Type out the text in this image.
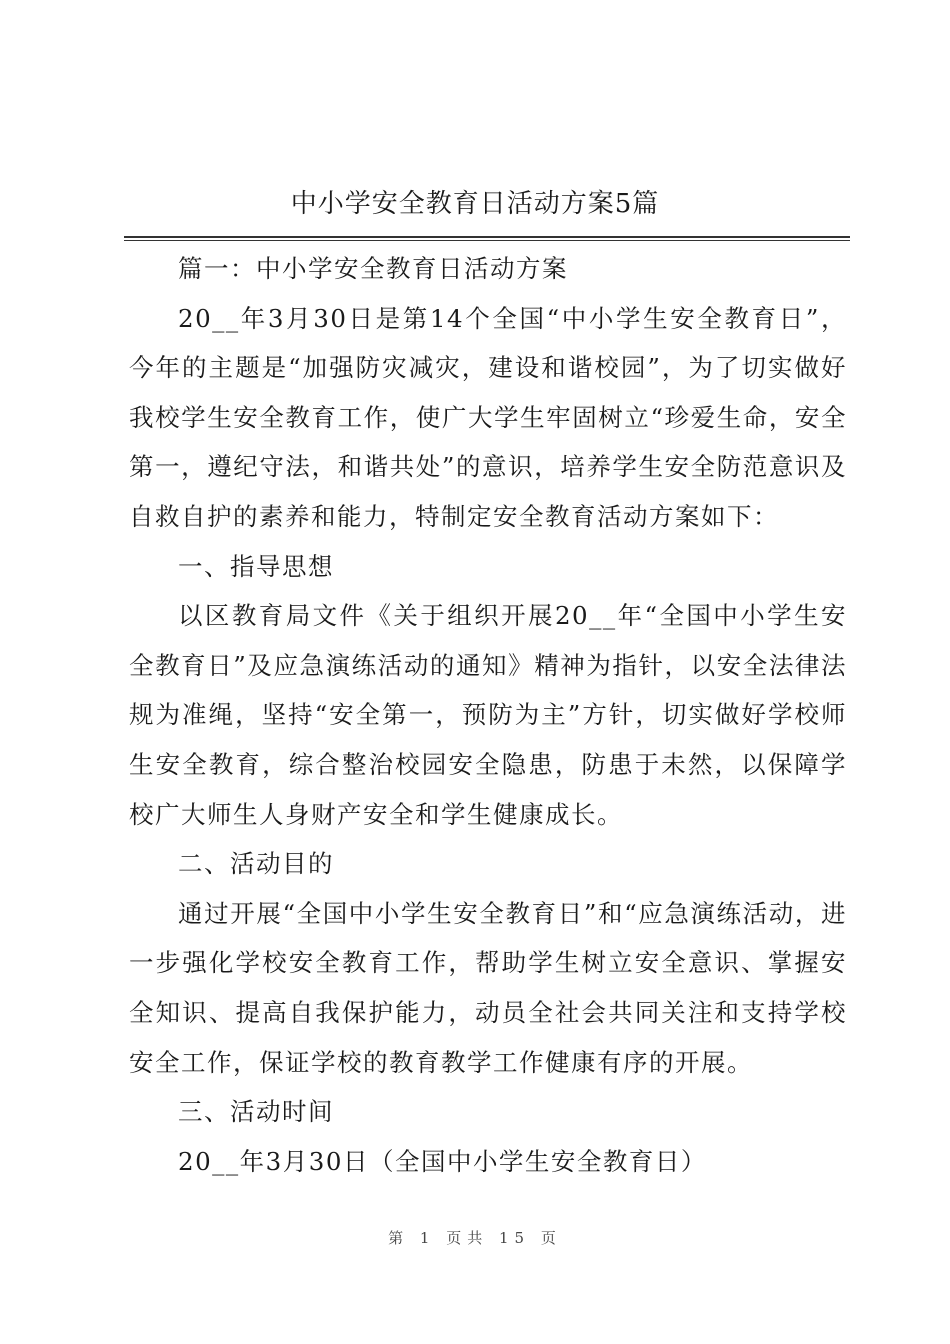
中小学安全教育日活动方案5篇

篇一：中小学安全教育日活动方案

20__年3月30日是第14个全国“中小学生安全教育日”，今年的主题是“加强防灾减灾，建设和谐校园”，为了切实做好我校学生安全教育工作，使广大学生牢固树立“珍爱生命，安全第一，遵纪守法，和谐共处”的意识，培养学生安全防范意识及自救自护的素养和能力，特制定安全教育活动方案如下：

一、指导思想

以区教育局文件《关于组织开展20__年“全国中小学生安全教育日”及应急演练活动的通知》精神为指针，以安全法律法规为准绳，坚持“安全第一，预防为主”方针，切实做好学校师生安全教育，综合整治校园安全隐患，防患于未然，以保障学校广大师生人身财产安全和学生健康成长。

二、活动目的

通过开展“全国中小学生安全教育日”和“应急演练活动，进一步强化学校安全教育工作，帮助学生树立安全意识、掌握安全知识、提高自我保护能力，动员全社会共同关注和支持学校安全工作，保证学校的教育教学工作健康有序的开展。

三、活动时间

20__年3月30日（全国中小学生安全教育日）

第 1 页共 15 页
